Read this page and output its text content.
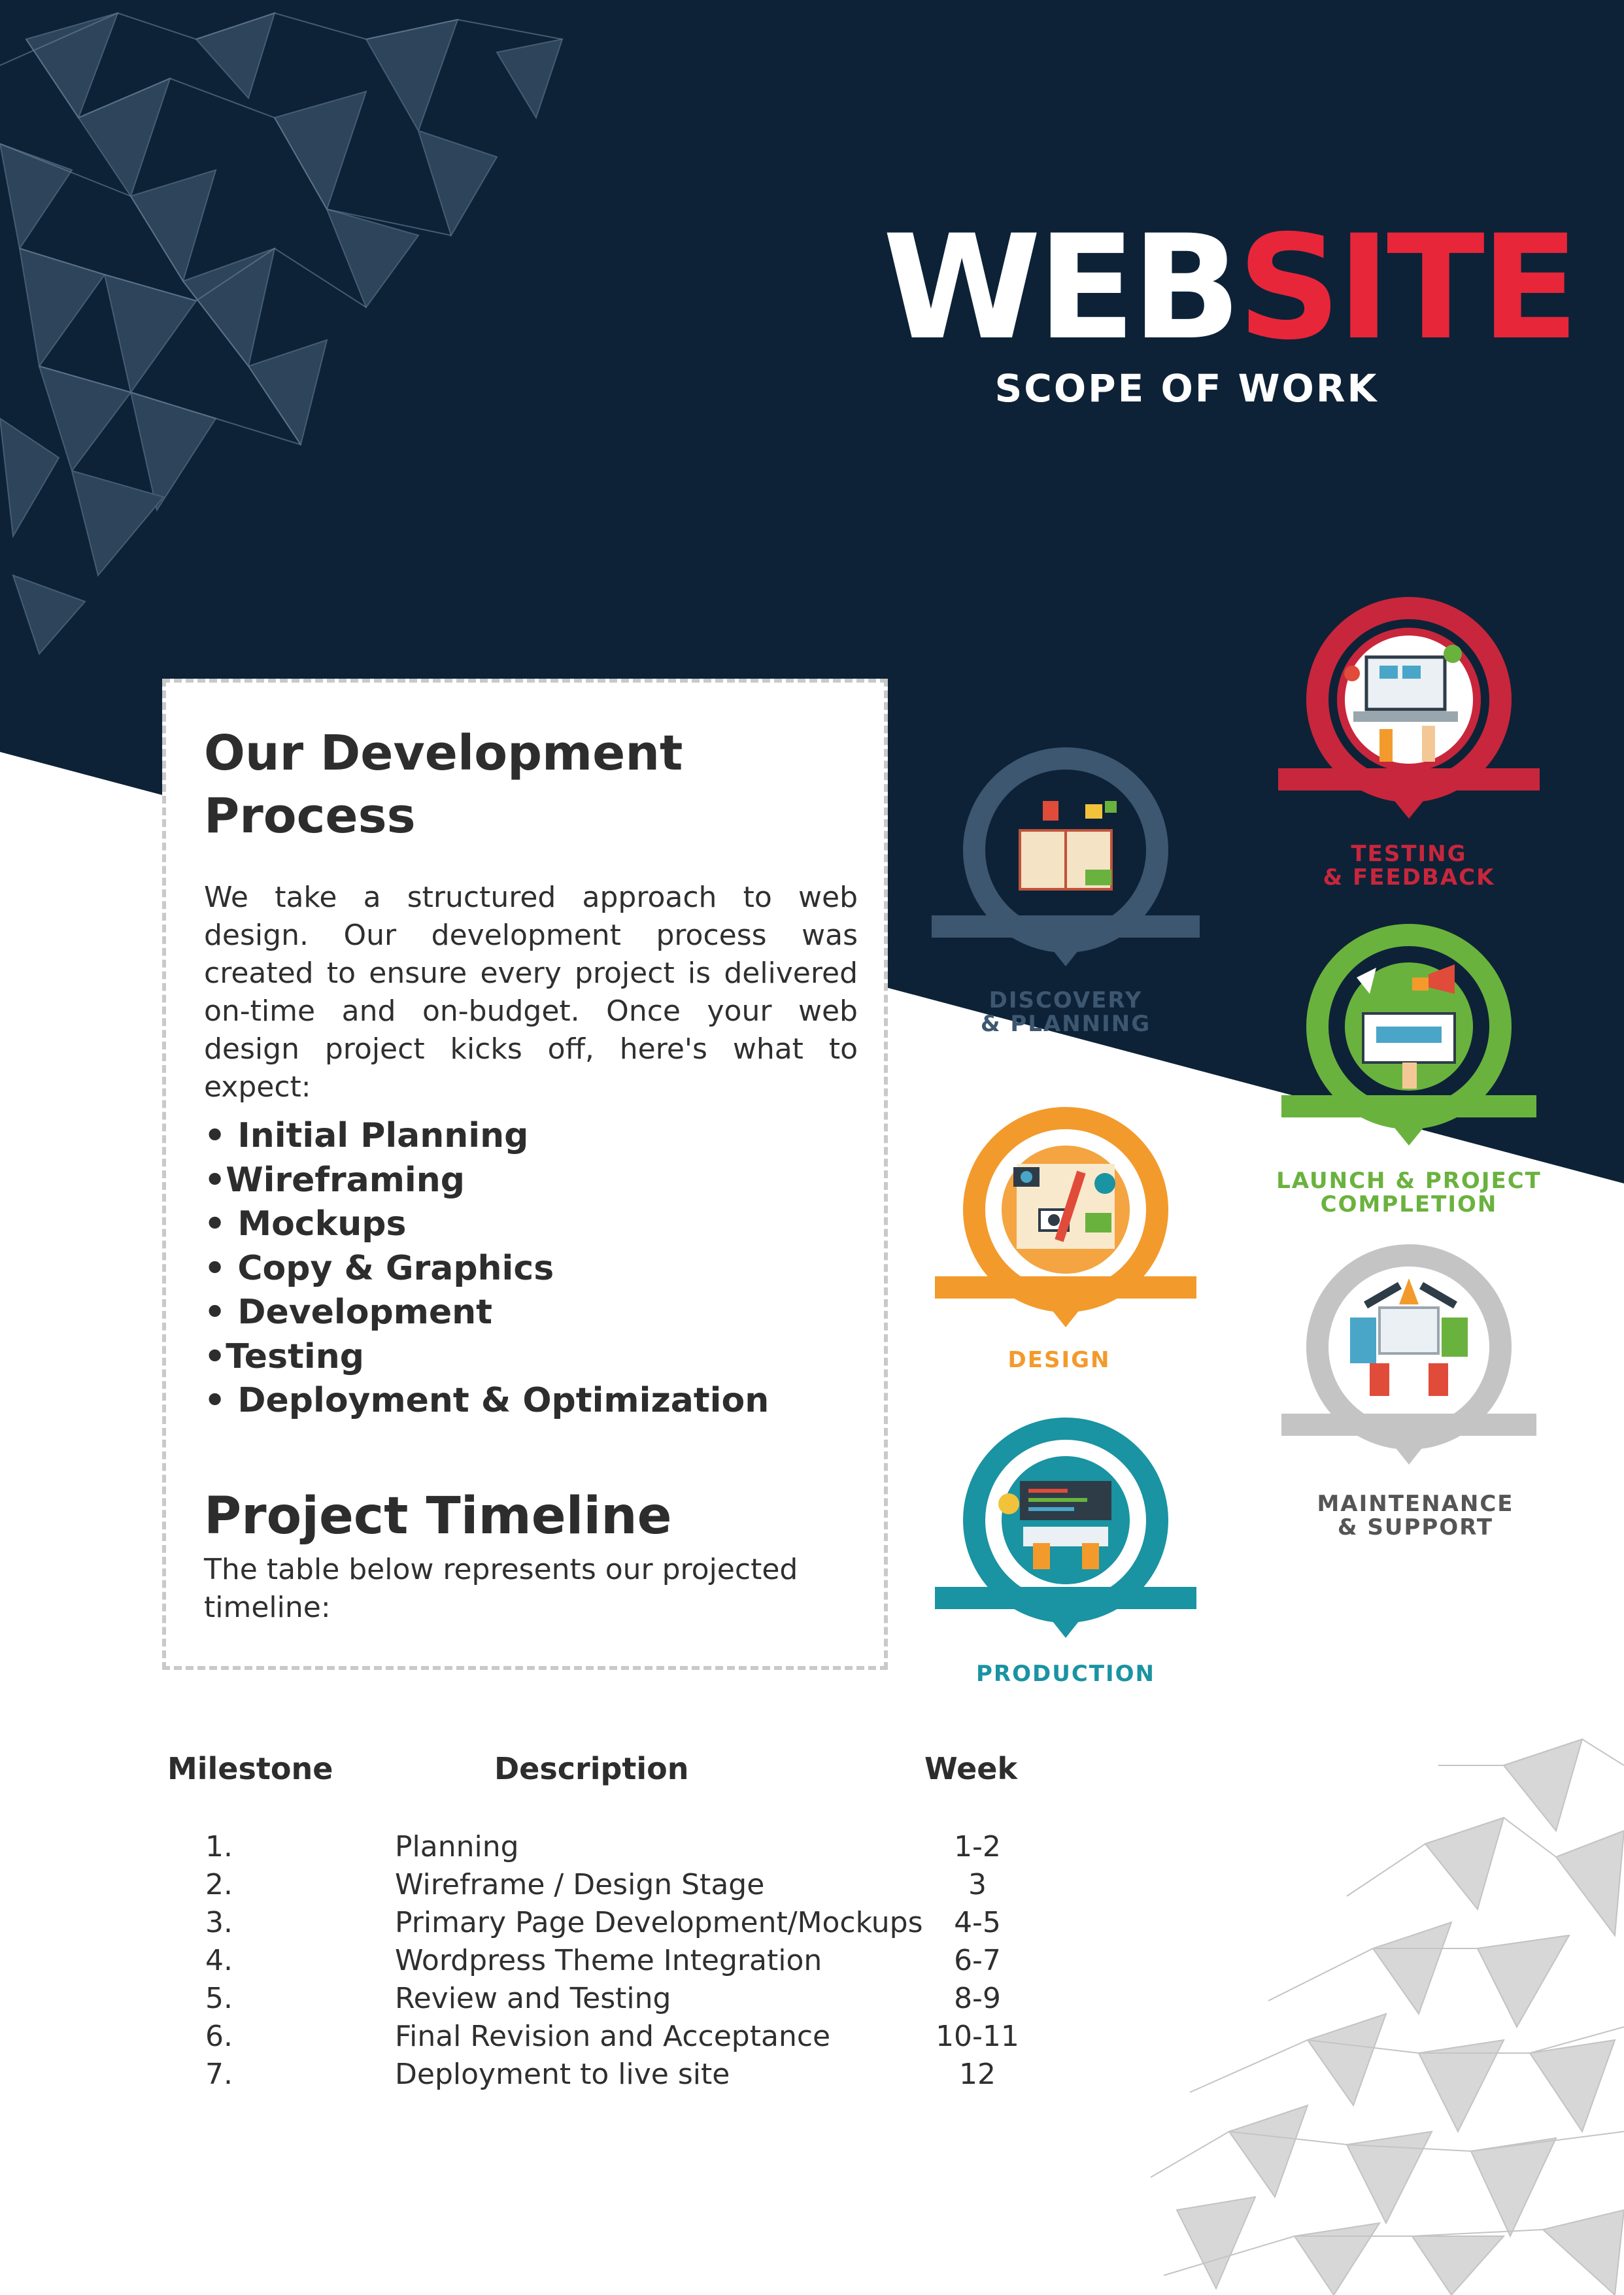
WEBSITE
SCOPE OF WORK
Our Development Process
We take a structured approach to web design. Our development process was created to ensure every project is delivered on-time and on-budget. Once your web design project kicks off, here's what to expect:
• Initial Planning
•Wireframing
• Mockups
• Copy & Graphics
• Development
•Testing
• Deployment & Optimization
Project Timeline
The table below represents our projected timeline:
DISCOVERY
& PLANNING
TESTING
& FEEDBACK
LAUNCH & PROJECT
COMPLETION
DESIGN
MAINTENANCE
& SUPPORT
PRODUCTION
Milestone	Description	Week
1.	Planning	1-2
2.	Wireframe / Design Stage	3
3.	Primary Page Development/Mockups	4-5
4.	Wordpress Theme Integration	6-7
5.	Review and Testing	8-9
6.	Final Revision and Acceptance	10-11
7.	Deployment to live site	12
